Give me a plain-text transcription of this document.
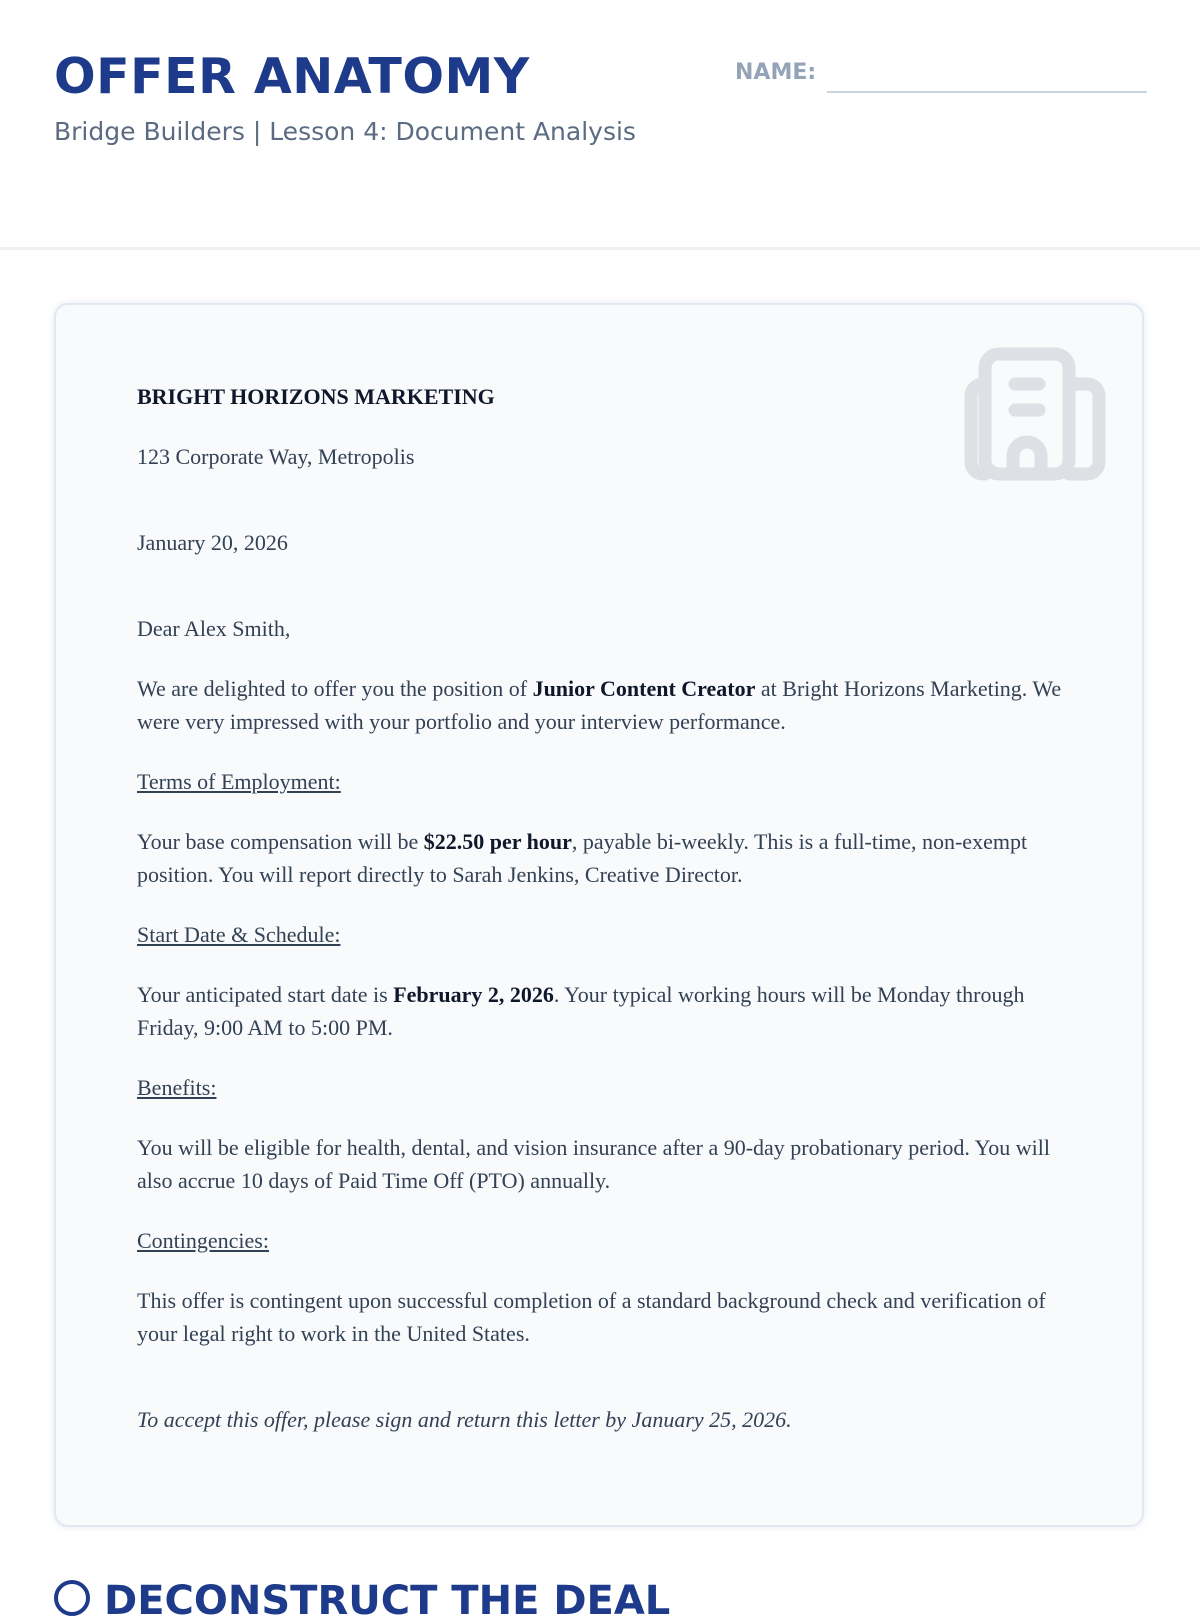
OFFER ANATOMY
Bridge Builders | Lesson 4: Document Analysis
NAME:

BRIGHT HORIZONS MARKETING

123 Corporate Way, Metropolis

January 20, 2026

Dear Alex Smith,

We are delighted to offer you the position of Junior Content Creator at Bright Horizons Marketing. We were very impressed with your portfolio and your interview performance.

Terms of Employment:

Your base compensation will be $22.50 per hour, payable bi-weekly. This is a full-time, non-exempt position. You will report directly to Sarah Jenkins, Creative Director.

Start Date & Schedule:

Your anticipated start date is February 2, 2026. Your typical working hours will be Monday through Friday, 9:00 AM to 5:00 PM.

Benefits:

You will be eligible for health, dental, and vision insurance after a 90-day probationary period. You will also accrue 10 days of Paid Time Off (PTO) annually.

Contingencies:

This offer is contingent upon successful completion of a standard background check and verification of your legal right to work in the United States.

To accept this offer, please sign and return this letter by January 25, 2026.

DECONSTRUCT THE DEAL
